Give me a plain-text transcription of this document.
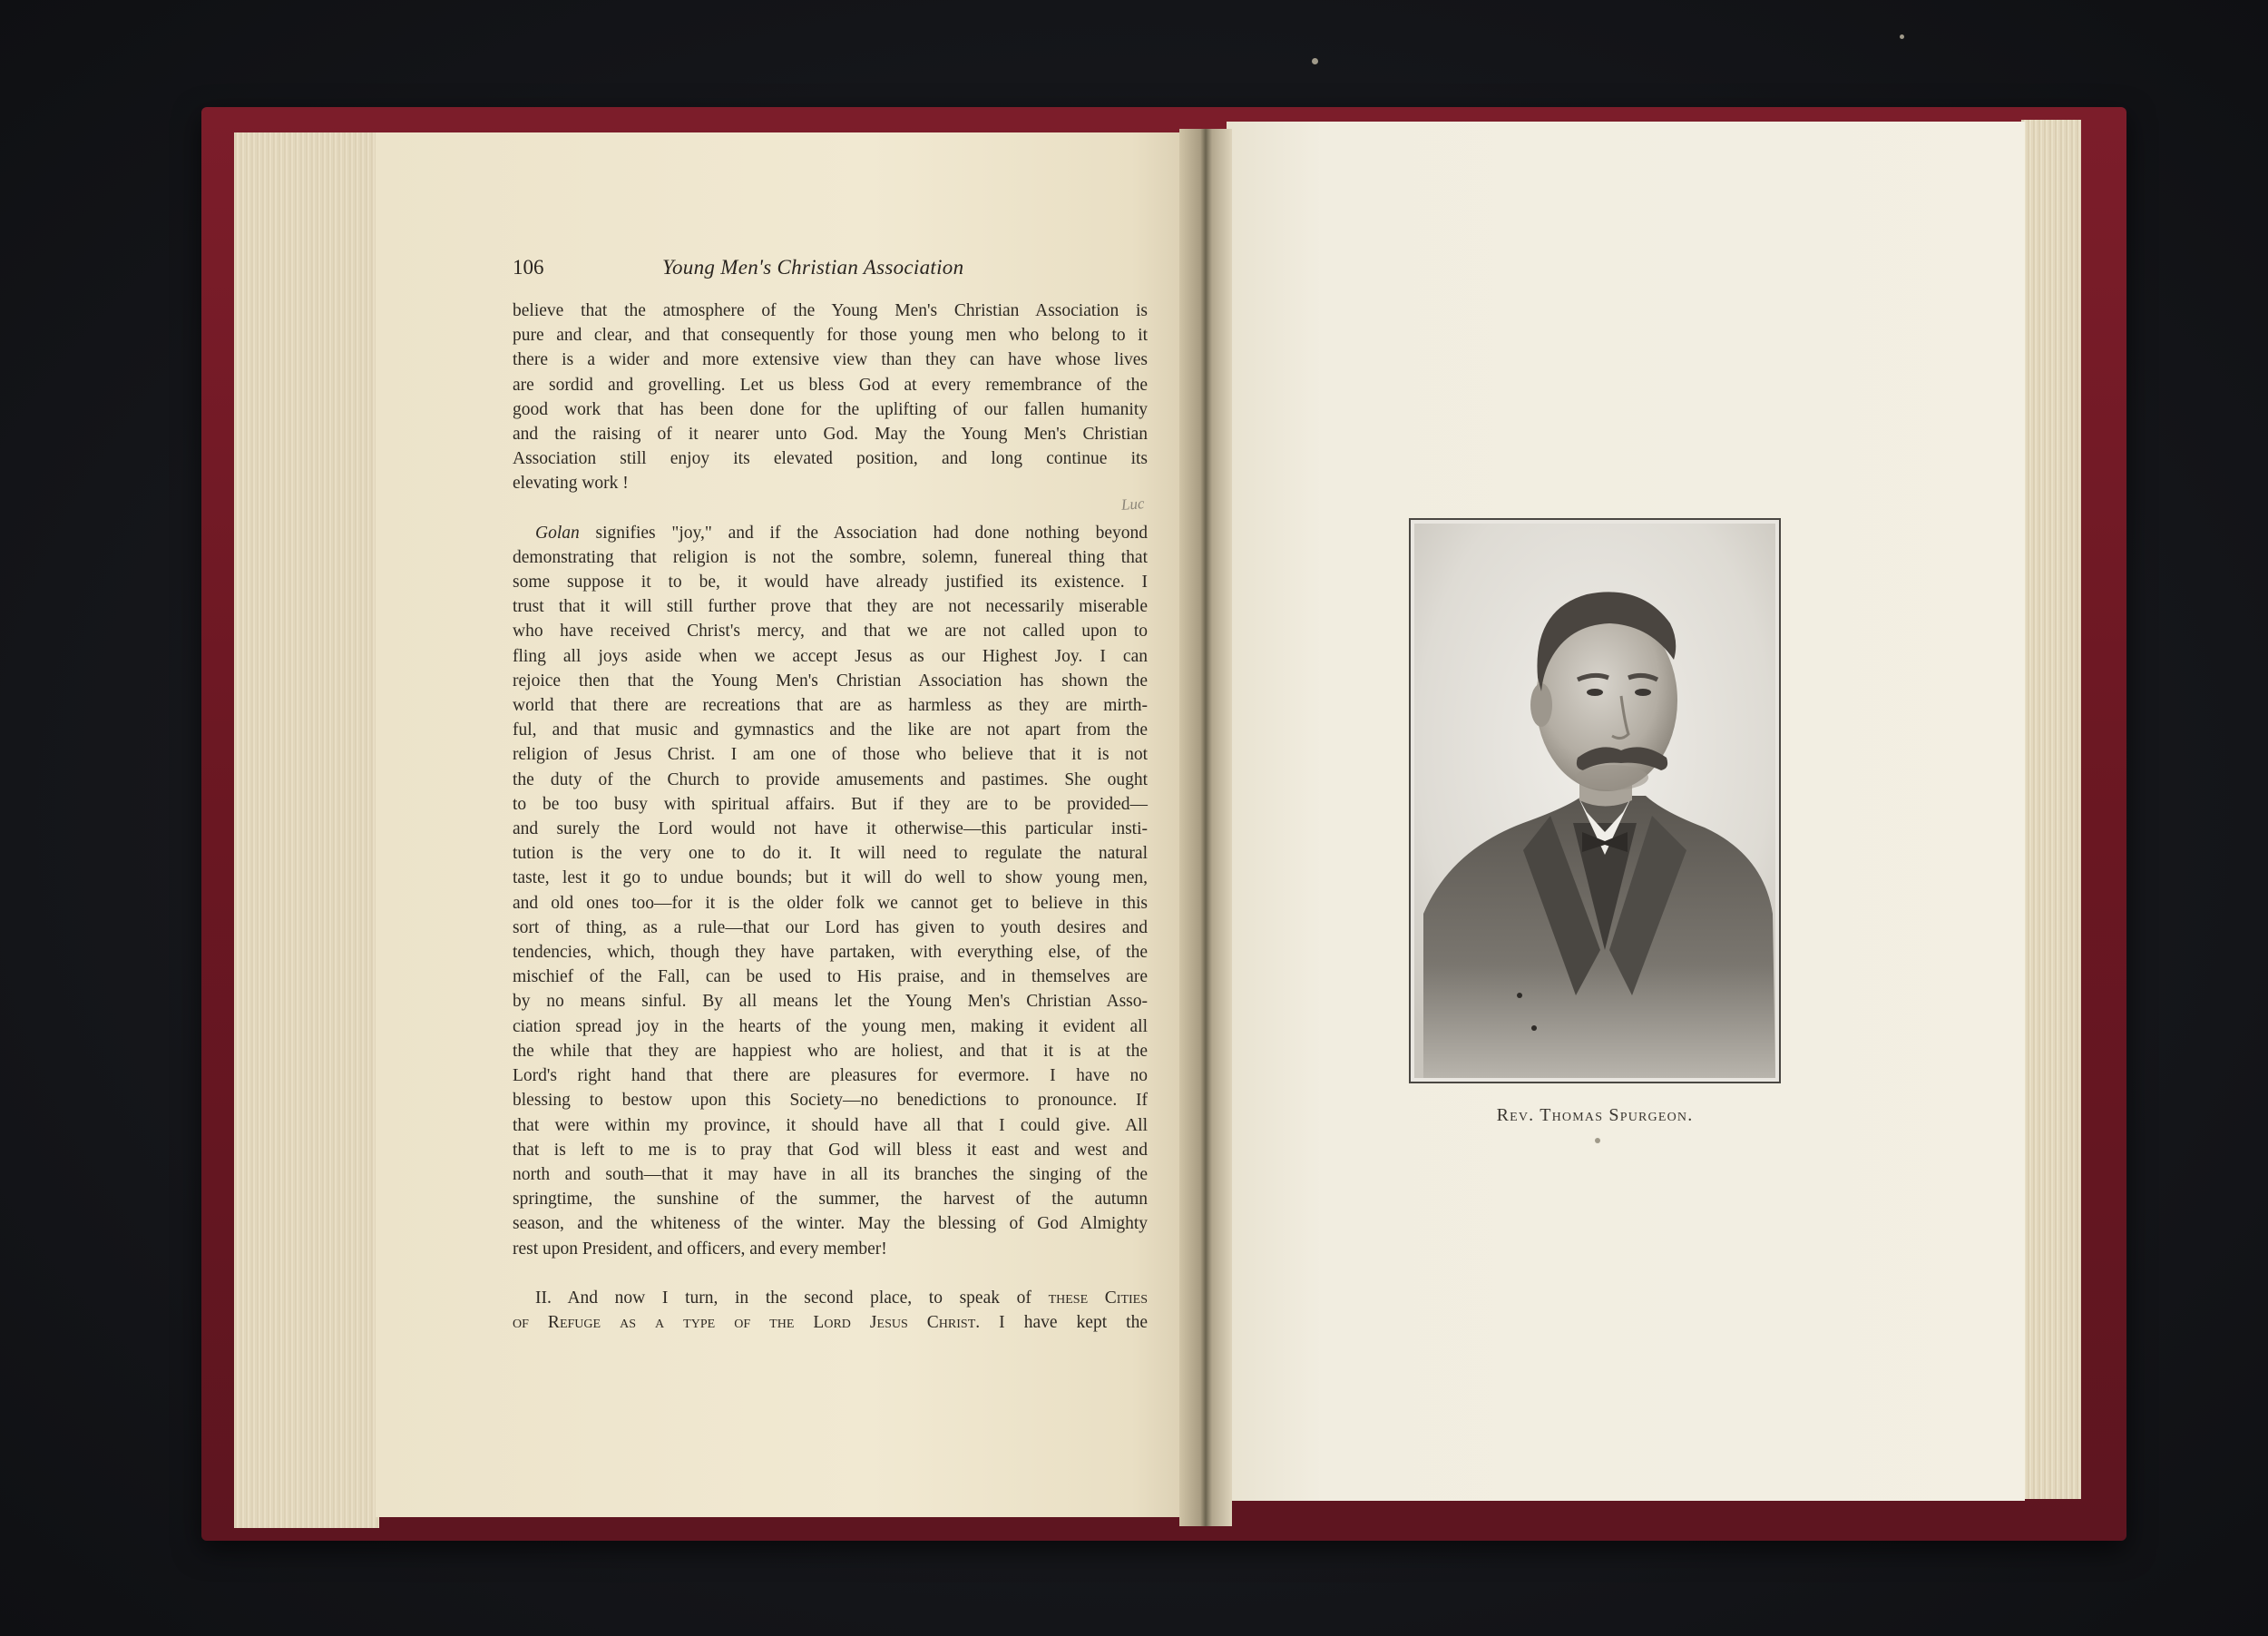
106	Young Men's Christian Association
believe that the atmosphere of the Young Men's Christian Association is
pure and clear, and that consequently for those young men who belong to it
there is a wider and more extensive view than they can have whose lives
are sordid and grovelling. Let us bless God at every remembrance of the
good work that has been done for the uplifting of our fallen humanity
and the raising of it nearer unto God. May the Young Men's Christian
Association still enjoy its elevated position, and long continue its
elevating work !
Golan signifies "joy," and if the Association had done nothing beyond
demonstrating that religion is not the sombre, solemn, funereal thing that
some suppose it to be, it would have already justified its existence. I
trust that it will still further prove that they are not necessarily miserable
who have received Christ's mercy, and that we are not called upon to
fling all joys aside when we accept Jesus as our Highest Joy. I can
rejoice then that the Young Men's Christian Association has shown the
world that there are recreations that are as harmless as they are mirth-
ful, and that music and gymnastics and the like are not apart from the
religion of Jesus Christ. I am one of those who believe that it is not
the duty of the Church to provide amusements and pastimes. She ought
to be too busy with spiritual affairs. But if they are to be provided—
and surely the Lord would not have it otherwise—this particular insti-
tution is the very one to do it. It will need to regulate the natural
taste, lest it go to undue bounds; but it will do well to show young men,
and old ones too—for it is the older folk we cannot get to believe in this
sort of thing, as a rule—that our Lord has given to youth desires and
tendencies, which, though they have partaken, with everything else, of the
mischief of the Fall, can be used to His praise, and in themselves are
by no means sinful. By all means let the Young Men's Christian Asso-
ciation spread joy in the hearts of the young men, making it evident all
the while that they are happiest who are holiest, and that it is at the
Lord's right hand that there are pleasures for evermore. I have no
blessing to bestow upon this Society—no benedictions to pronounce. If
that were within my province, it should have all that I could give. All
that is left to me is to pray that God will bless it east and west and
north and south—that it may have in all its branches the singing of the
springtime, the sunshine of the summer, the harvest of the autumn
season, and the whiteness of the winter. May the blessing of God Almighty
rest upon President, and officers, and every member!
II. And now I turn, in the second place, to speak of these Cities
of Refuge as a type of the Lord Jesus Christ. I have kept the
Luc
Rev. Thomas Spurgeon.
